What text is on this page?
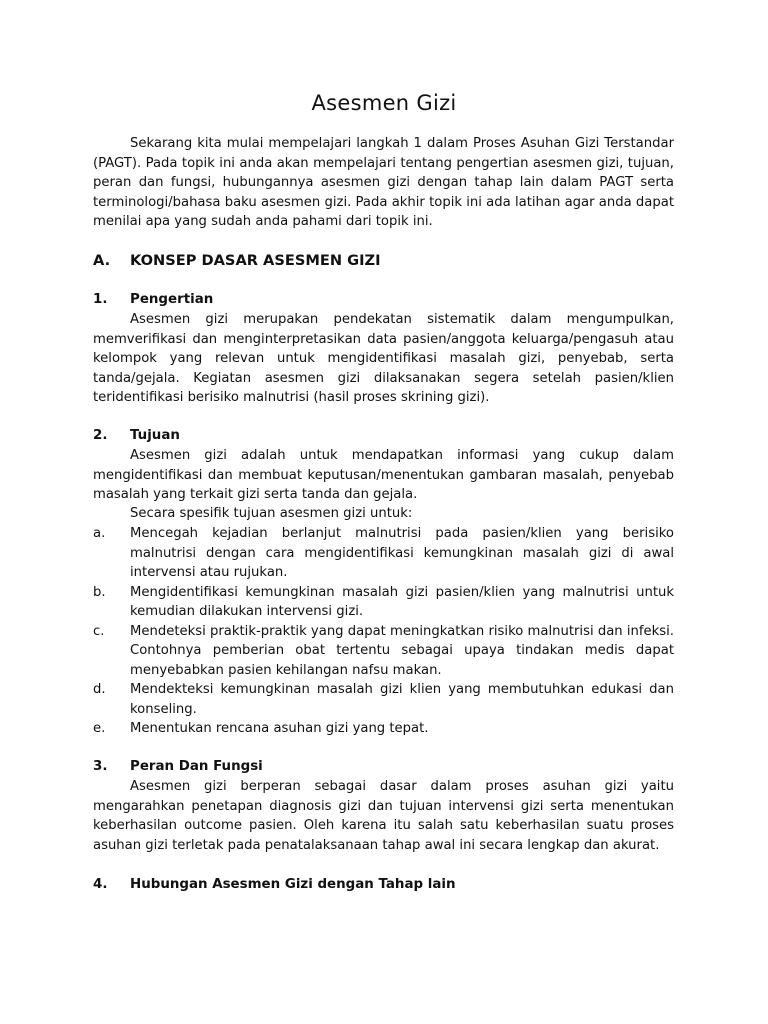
Asesmen Gizi

Sekarang kita mulai mempelajari langkah 1 dalam Proses Asuhan Gizi Terstandar (PAGT). Pada topik ini anda akan mempelajari tentang pengertian asesmen gizi, tujuan, peran dan fungsi, hubungannya asesmen gizi dengan tahap lain dalam PAGT serta terminologi/bahasa baku asesmen gizi. Pada akhir topik ini ada latihan agar anda dapat menilai apa yang sudah anda pahami dari topik ini.

A. KONSEP DASAR ASESMEN GIZI
1. Pengertian

Asesmen gizi merupakan pendekatan sistematik dalam mengumpulkan, memverifikasi dan menginterpretasikan data pasien/anggota keluarga/pengasuh atau kelompok yang relevan untuk mengidentifikasi masalah gizi, penyebab, serta tanda/gejala. Kegiatan asesmen gizi dilaksanakan segera setelah pasien/klien teridentifikasi berisiko malnutrisi (hasil proses skrining gizi).

2. Tujuan

Asesmen gizi adalah untuk mendapatkan informasi yang cukup dalam mengidentifikasi dan membuat keputusan/menentukan gambaran masalah, penyebab masalah yang terkait gizi serta tanda dan gejala.

Secara spesifik tujuan asesmen gizi untuk:

a.	Mencegah kejadian berlanjut malnutrisi pada pasien/klien yang berisiko malnutrisi dengan cara mengidentifikasi kemungkinan masalah gizi di awal intervensi atau rujukan.
b.	Mengidentifikasi kemungkinan masalah gizi pasien/klien yang malnutrisi untuk kemudian dilakukan intervensi gizi.
c.	Mendeteksi praktik-praktik yang dapat meningkatkan risiko malnutrisi dan infeksi. Contohnya pemberian obat tertentu sebagai upaya tindakan medis dapat menyebabkan pasien kehilangan nafsu makan.
d.	Mendekteksi kemungkinan masalah gizi klien yang membutuhkan edukasi dan konseling.
e.	Menentukan rencana asuhan gizi yang tepat.
3. Peran Dan Fungsi

Asesmen gizi berperan sebagai dasar dalam proses asuhan gizi yaitu mengarahkan penetapan diagnosis gizi dan tujuan intervensi gizi serta menentukan keberhasilan outcome pasien. Oleh karena itu salah satu keberhasilan suatu proses asuhan gizi terletak pada penatalaksanaan tahap awal ini secara lengkap dan akurat.

4. Hubungan Asesmen Gizi dengan Tahap lain
